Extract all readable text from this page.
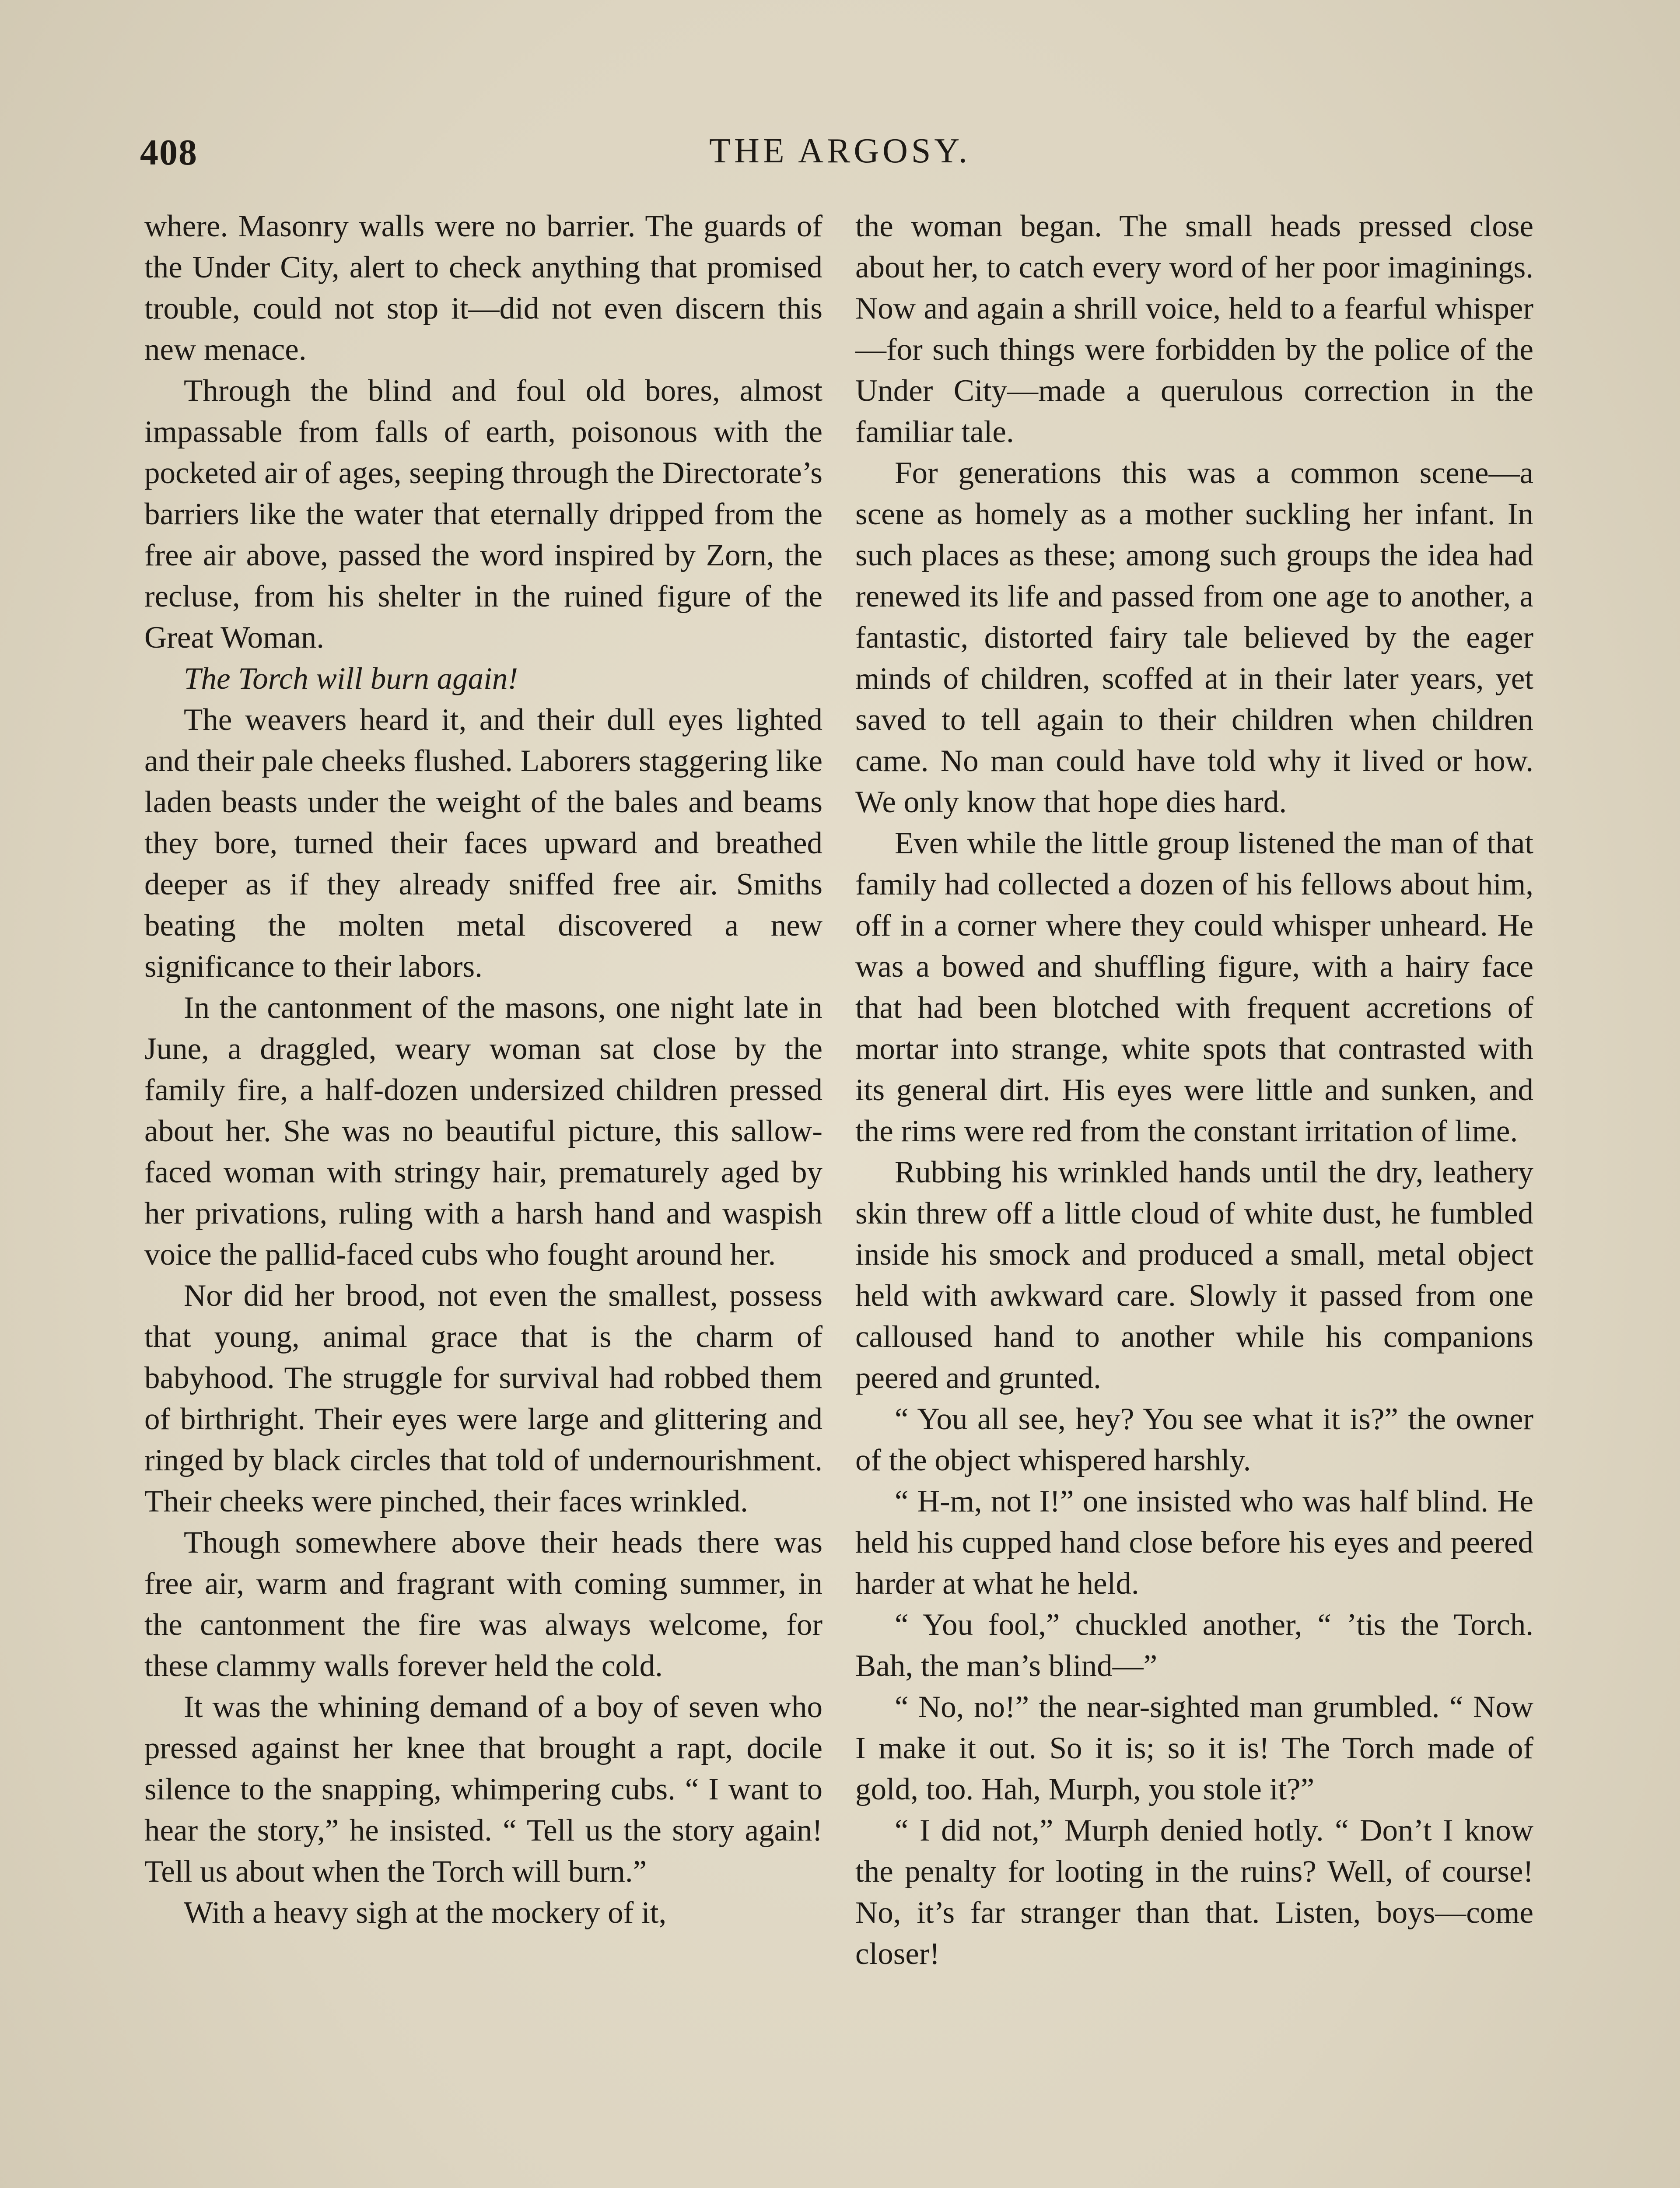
408	THE ARGOSY.

where. Masonry walls were no barrier. The guards of the Under City, alert to check anything that promised trouble, could not stop it—did not even discern this new menace.

Through the blind and foul old bores, almost impassable from falls of earth, poisonous with the pocketed air of ages, seeping through the Directorate’s barriers like the water that eternally dripped from the free air above, passed the word inspired by Zorn, the recluse, from his shelter in the ruined figure of the Great Woman.

The Torch will burn again!

The weavers heard it, and their dull eyes lighted and their pale cheeks flushed. Laborers staggering like laden beasts under the weight of the bales and beams they bore, turned their faces upward and breathed deeper as if they already sniffed free air. Smiths beating the molten metal discovered a new significance to their labors.

In the cantonment of the masons, one night late in June, a draggled, weary woman sat close by the family fire, a half-dozen undersized children pressed about her. She was no beautiful picture, this sallow-faced woman with stringy hair, prematurely aged by her privations, ruling with a harsh hand and waspish voice the pallid-faced cubs who fought around her.

Nor did her brood, not even the smallest, possess that young, animal grace that is the charm of babyhood. The struggle for survival had robbed them of birthright. Their eyes were large and glittering and ringed by black circles that told of undernourishment. Their cheeks were pinched, their faces wrinkled.

Though somewhere above their heads there was free air, warm and fragrant with coming summer, in the cantonment the fire was always welcome, for these clammy walls forever held the cold.

It was the whining demand of a boy of seven who pressed against her knee that brought a rapt, docile silence to the snapping, whimpering cubs. “ I want to hear the story,” he insisted. “ Tell us the story again! Tell us about when the Torch will burn.”

With a heavy sigh at the mockery of it,

the woman began. The small heads pressed close about her, to catch every word of her poor imaginings. Now and again a shrill voice, held to a fearful whisper—for such things were forbidden by the police of the Under City—made a querulous correction in the familiar tale.

For generations this was a common scene—a scene as homely as a mother suckling her infant. In such places as these; among such groups the idea had renewed its life and passed from one age to another, a fantastic, distorted fairy tale believed by the eager minds of children, scoffed at in their later years, yet saved to tell again to their children when children came. No man could have told why it lived or how. We only know that hope dies hard.

Even while the little group listened the man of that family had collected a dozen of his fellows about him, off in a corner where they could whisper unheard. He was a bowed and shuffling figure, with a hairy face that had been blotched with frequent accretions of mortar into strange, white spots that contrasted with its general dirt. His eyes were little and sunken, and the rims were red from the constant irritation of lime.

Rubbing his wrinkled hands until the dry, leathery skin threw off a little cloud of white dust, he fumbled inside his smock and produced a small, metal object held with awkward care. Slowly it passed from one calloused hand to another while his companions peered and grunted.

“ You all see, hey? You see what it is?” the owner of the object whispered harshly.

“ H-m, not I!” one insisted who was half blind. He held his cupped hand close before his eyes and peered harder at what he held.

“ You fool,” chuckled another, “ ’tis the Torch. Bah, the man’s blind—”

“ No, no!” the near-sighted man grumbled. “ Now I make it out. So it is; so it is! The Torch made of gold, too. Hah, Murph, you stole it?”

“ I did not,” Murph denied hotly. “ Don’t I know the penalty for looting in the ruins? Well, of course! No, it’s far stranger than that. Listen, boys—come closer!
